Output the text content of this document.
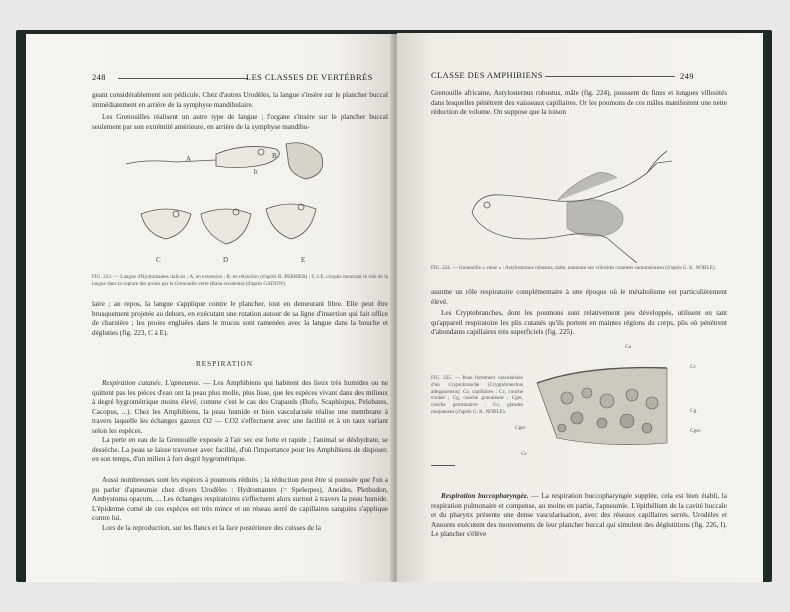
248	LES CLASSES DE VERTÉBRÉS
geant considérablement son pédicule. Chez d'autres Urodèles, la langue s'insère sur le plancher buccal immédiatement en arrière de la symphyse mandibulaire.
Les Grenouilles réalisent un autre type de langue ; l'organe s'insère sur le plancher buccal seulement par son extrémité antérieure, en arrière de la symphyse mandibu-
A	B
b
C	D	E
FIG. 223. — Langue d'Hydromantes italicus ; A, en extension ; B, en rétraction (d'après R. PERRIER) ; C à E, croquis montrant le rôle de la langue dans la capture des proies par la Grenouille verte (Rana esculenta) (d'après GADOW).
laire ; au repos, la langue s'applique contre le plancher, tout en demeurant libre. Elle peut être brusquement projetée au dehors, en exécutant une rotation autour de sa ligne d'insertion qui fait office de charnière ; les proies engluées dans le mucus sont ramenées avec la langue dans la bouche et dégluties (fig. 223, C à E).
RESPIRATION
Respiration cutanée. L'apneumie. — Les Amphibiens qui habitent des lieux très humides ou ne quittent pas les pièces d'eau ont la peau plus molle, plus lisse, que les espèces vivant dans des milieux à degré hygrométrique moins élevé, comme c'est le cas des Crapauds (Bufo, Scaphiopus, Pelobates, Cacopus, ...). Chez les Amphibiens, la peau humide et bien vascularisée réalise une membrane à travers laquelle les échanges gazeux O2 — CO2 s'effectuent avec une facilité et à un taux variant selon les espèces.
La perte en eau de la Grenouille exposée à l'air sec est forte et rapide ; l'animal se déshydrate, se dessèche. La peau se laisse traverser avec facilité, d'où l'importance pour les Amphibiens de disposer, en son temps, d'un milieu à fort degré hygrométrique.
Aussi nombreuses sont les espèces à poumons réduits ; la réduction peut être si poussée que l'on a pu parler d'apneumie chez divers Urodèles : Hydromantes (= Spelerpes), Aneides, Plethodon, Ambystoma opacum, ... Les échanges respiratoires s'effectuent alors surtout à travers la peau humide. L'épiderme corné de ces espèces est très mince et un réseau serré de capillaires sanguins s'applique contre lui.
Lors de la reproduction, sur les flancs et la face postérieure des cuisses de la
CLASSE DES AMPHIBIENS	249
Grenouille africaine, Astylosternus robustus, mâle (fig. 224), poussent de fines et longues villosités dans lesquelles pénètrent des vaisseaux capillaires. Or les poumons de ces mâles manifestent une nette réduction de volume. On suppose que la toison
FIG. 224. — Grenouille « velue » : Astylosternus robustus, mâle, montrant ses villosités cutanées surnuméraires (d'après G. K. NOBLE).
assume un rôle respiratoire complémentaire à une époque où le métabolisme est particulièrement élevé.
Les Cryptobranches, dont les poumons sont relativement peu développés, utilisent en tant qu'appareil respiratoire les plis cutanés qu'ils portent en maintes régions du corps, plis où pénètrent d'abondants capillaires très superficiels (fig. 225).
FIG. 225. — Peau fortement vascularisée d'un Cryptobranche (Cryptobranchus alleganiensis). Ca, capillaires ; Cc, couche cornée ; Cg, couche granuleuse ; Cger, couche germinative ; Gc, glandes muqueuses (d'après G. K. NOBLE).
Ca
Cc
Cg
Cger
Cger
Gc
Respiration buccopharyngée. — La respiration buccopharyngée supplée, cela est bien établi, la respiration pulmonaire et compense, au moins en partie, l'apneumie. L'épithélium de la cavité buccale et du pharynx présente une dense vascularisation, avec des réseaux capillaires serrés. Urodèles et Anoures exécutent des mouvements de leur plancher buccal qui simulent des déglutitions (fig. 226, I). Le plancher s'élève
